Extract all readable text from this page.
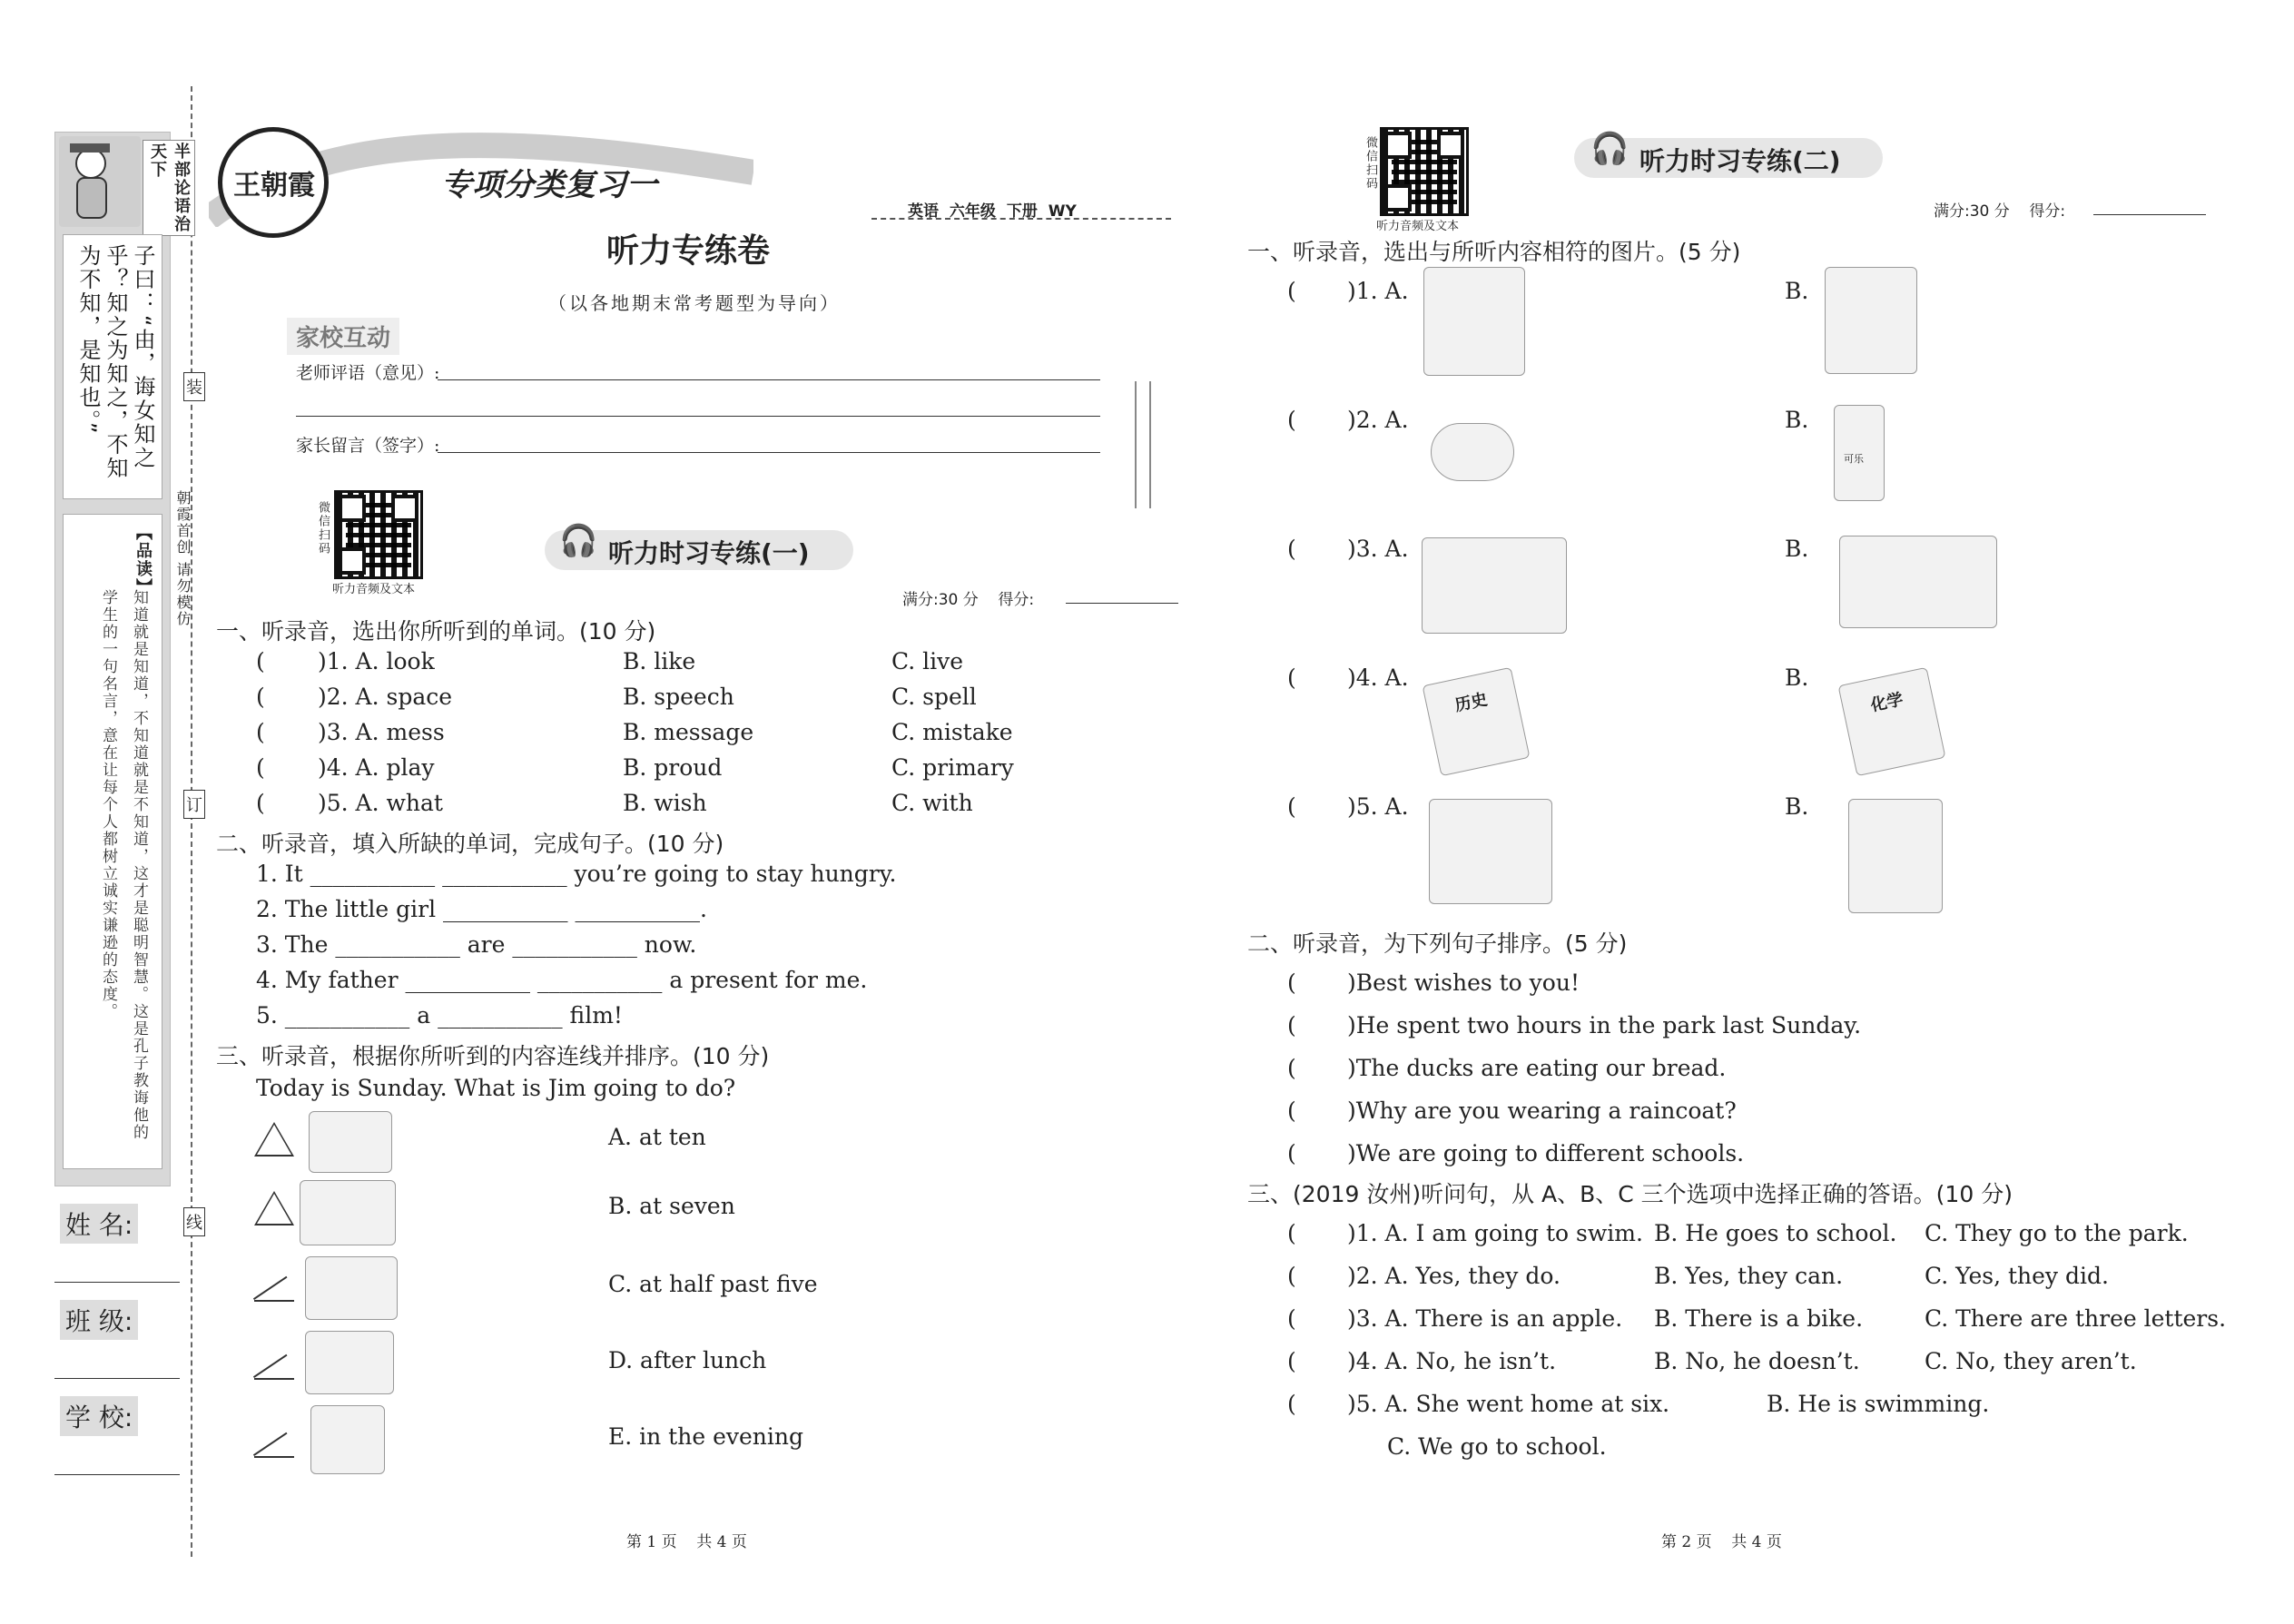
装
订
线
朝霞首创 请勿模仿
半部论语治天下
子曰：“由，诲女知之乎？知之为知之，不知为不知，是知也。”
【品读】
知道就是知道，不知道就是不知道，这才是聪明智慧。这是孔子教诲他的学生的一句名言，意在让每个人都树立诚实谦逊的态度。
姓 名:
班 级:
学 校:
王朝霞	专项分类复习一
英语 六年级 下册 WY
听力专练卷
（以各地期末常考题型为导向）
家校互动
老师评语（意见）:
家长留言（签字）:
微信扫码
听力音频及文本
🎧 听力时习专练(一)
满分:30 分    得分:
一、听录音，选出你所听到的单词。(10 分)
( )1. A. look	B. like	C. live
( )2. A. space	B. speech	C. spell
( )3. A. mess	B. message	C. mistake
( )4. A. play	B. proud	C. primary
( )5. A. what	B. wish	C. with
二、听录音，填入所缺的单词，完成句子。(10 分)
1. It ___________ ___________ you’re going to stay hungry.
2. The little girl ___________ ___________.
3. The ___________ are ___________ now.
4. My father ___________ ___________ a present for me.
5. ___________ a ___________ film!
三、听录音，根据你所听到的内容连线并排序。(10 分)
Today is Sunday. What is Jim going to do?
A. at ten
B. at seven
C. at half past five
D. after lunch
E. in the evening
第 1 页    共 4 页
微信扫码
听力音频及文本
🎧 听力时习专练(二)
满分:30 分    得分:
一、听录音，选出与所听内容相符的图片。(5 分)
( )1. A.	B.
( )2. A.	B.
可乐
( )3. A.	B.
( )4. A.
历史
B.
化学
( )5. A.	B.
二、听录音，为下列句子排序。(5 分)
( )Best wishes to you!
( )He spent two hours in the park last Sunday.
( )The ducks are eating our bread.
( )Why are you wearing a raincoat?
( )We are going to different schools.
三、(2019 汝州)听问句，从 A、B、C 三个选项中选择正确的答语。(10 分)
( )1. A. I am going to swim. B. He goes to school. C. They go to the park.
( )2. A. Yes, they do.	B. Yes, they can.	C. Yes, they did.
( )3. A. There is an apple. B. There is a bike.	C. There are three letters.
( )4. A. No, he isn’t.	B. No, he doesn’t.	C. No, they aren’t.
( )5. A. She went home at six.	B. He is swimming.
C. We go to school.
第 2 页    共 4 页
